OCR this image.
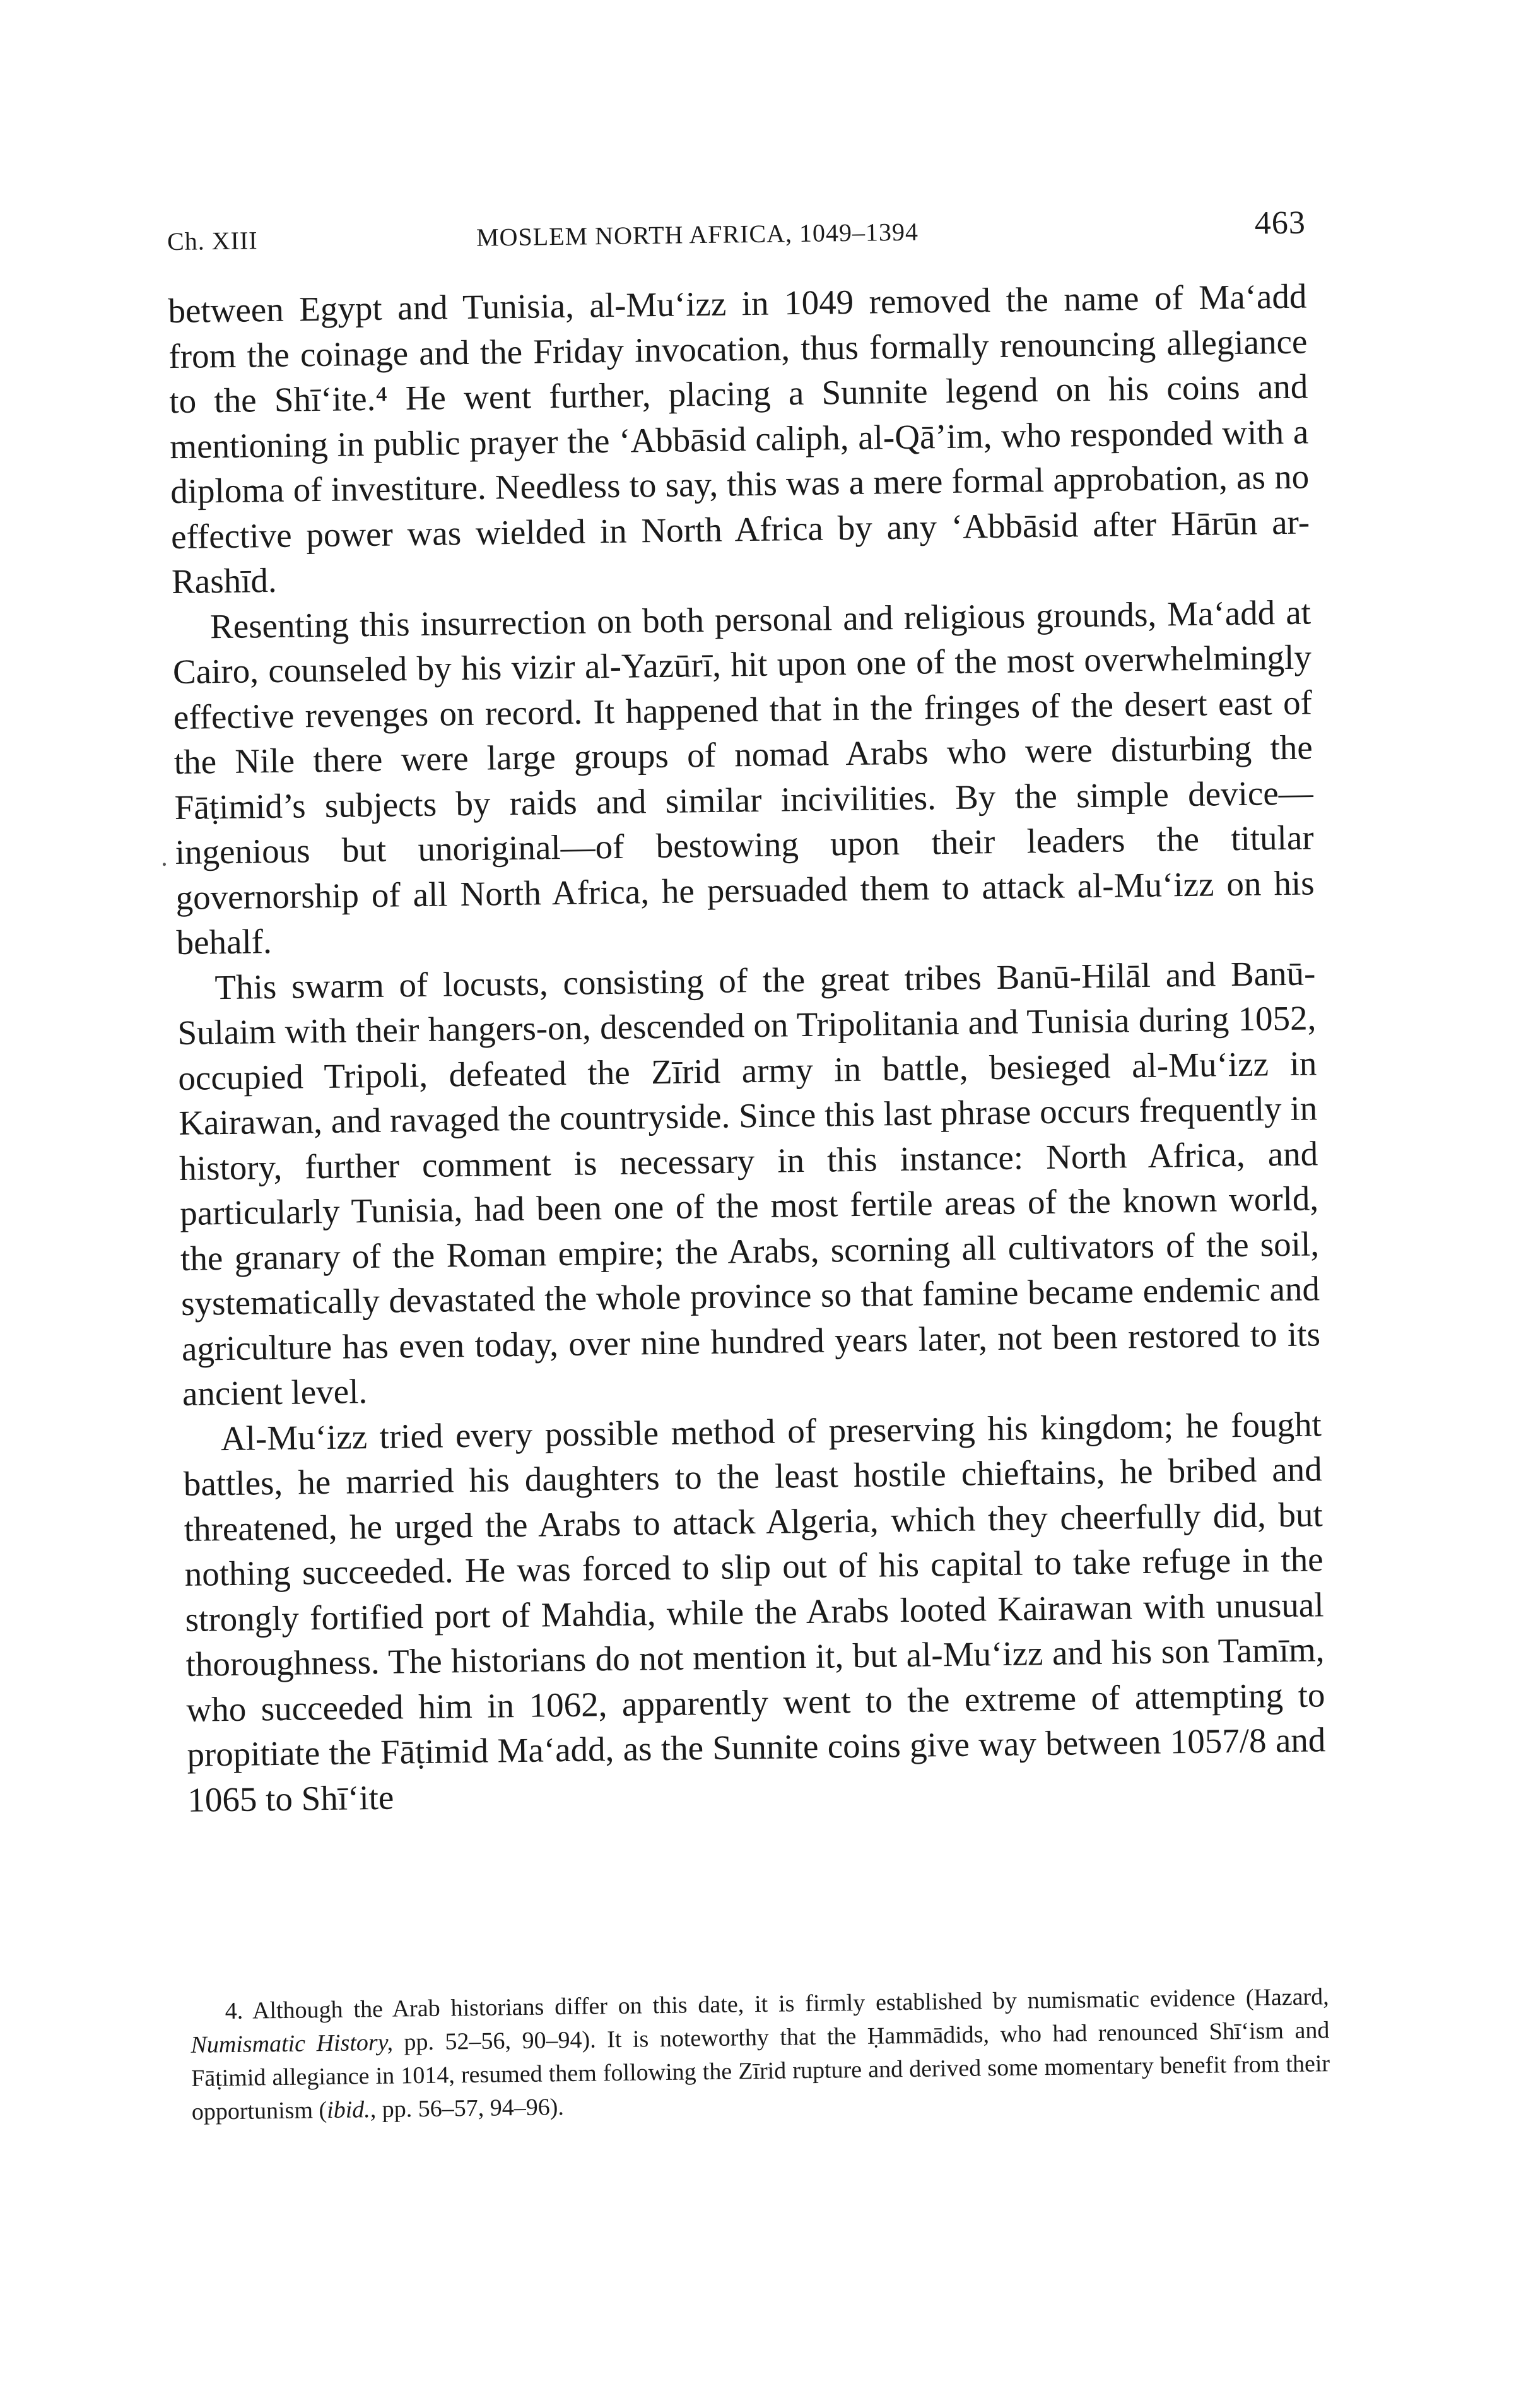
Ch. XIII	MOSLEM NORTH AFRICA, 1049–1394	463

between Egypt and Tunisia, al-Mu‘izz in 1049 removed the name of Ma‘add from the coinage and the Friday invocation, thus formally renouncing allegiance to the Shī‘ite.⁴ He went further, placing a Sunnite legend on his coins and mentioning in public prayer the ‘Abbāsid caliph, al-Qā’im, who responded with a diploma of investiture. Needless to say, this was a mere formal approbation, as no effective power was wielded in North Africa by any ‘Abbāsid after Hārūn ar-Rashīd.

Resenting this insurrection on both personal and religious grounds, Ma‘add at Cairo, counseled by his vizir al-Yazūrī, hit upon one of the most overwhelmingly effective revenges on record. It happened that in the fringes of the desert east of the Nile there were large groups of nomad Arabs who were disturbing the Fāṭimid’s subjects by raids and similar incivilities. By the simple device—ingenious but unoriginal—of bestowing upon their leaders the titular governorship of all North Africa, he persuaded them to attack al-Mu‘izz on his behalf.

This swarm of locusts, consisting of the great tribes Banū-Hilāl and Banū-Sulaim with their hangers-on, descended on Tripolitania and Tunisia during 1052, occupied Tripoli, defeated the Zīrid army in battle, besieged al-Mu‘izz in Kairawan, and ravaged the countryside. Since this last phrase occurs frequently in history, further comment is necessary in this instance: North Africa, and particularly Tunisia, had been one of the most fertile areas of the known world, the granary of the Roman empire; the Arabs, scorning all cultivators of the soil, systematically devastated the whole province so that famine became endemic and agriculture has even today, over nine hundred years later, not been restored to its ancient level.

Al-Mu‘izz tried every possible method of preserving his kingdom; he fought battles, he married his daughters to the least hostile chieftains, he bribed and threatened, he urged the Arabs to attack Algeria, which they cheerfully did, but nothing succeeded. He was forced to slip out of his capital to take refuge in the strongly fortified port of Mahdia, while the Arabs looted Kairawan with unusual thoroughness. The historians do not mention it, but al-Mu‘izz and his son Tamīm, who succeeded him in 1062, apparently went to the extreme of attempting to propitiate the Fāṭimid Ma‘add, as the Sunnite coins give way between 1057/8 and 1065 to Shī‘ite

4. Although the Arab historians differ on this date, it is firmly established by numismatic evidence (Hazard, Numismatic History, pp. 52–56, 90–94). It is noteworthy that the Ḥammādids, who had renounced Shī‘ism and Fāṭimid allegiance in 1014, resumed them following the Zīrid rupture and derived some momentary benefit from their opportunism (ibid., pp. 56–57, 94–96).
